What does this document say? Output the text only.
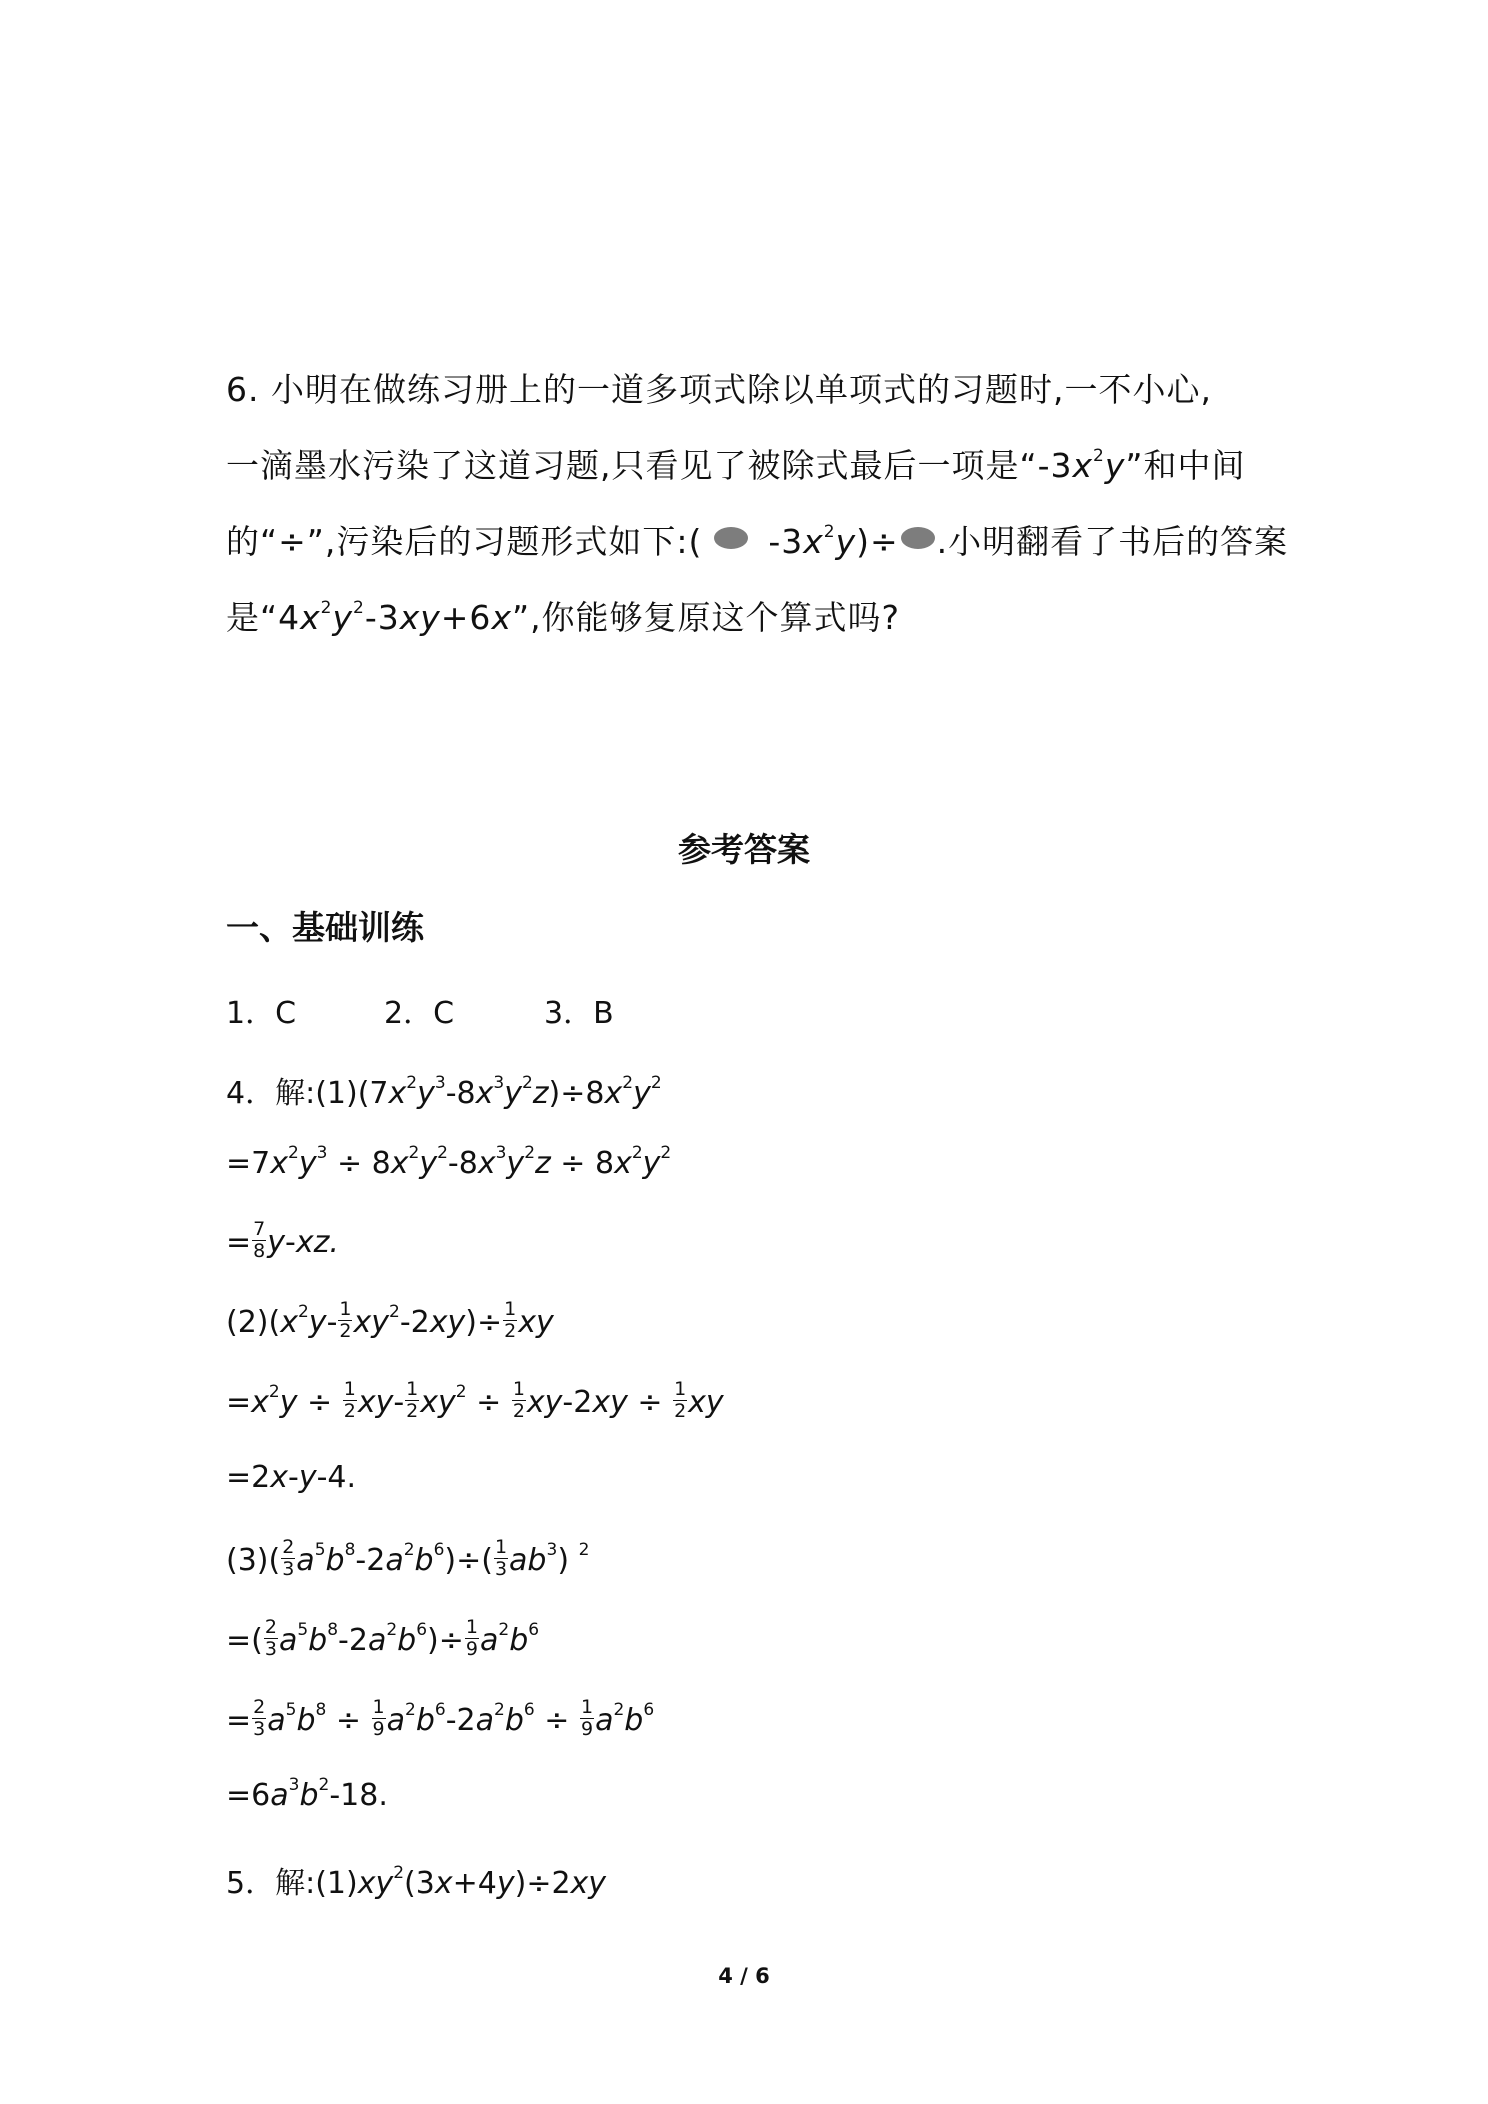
6. 小明在做练习册上的一道多项式除以单项式的习题时,一不小心,
一滴墨水污染了这道习题,只看见了被除式最后一项是“$-3x^2y$”和中间
的“÷”,污染后的习题形式如下:( $-3x^2y)\div$ .小明翻看了书后的答案
是“$4x^2y^2-3xy+6x$”,你能够复原这个算式吗?
参考答案
一、基础训练
1．C	2．C	3．B
4．解$:(1)(7x^2y^3-8x^3y^2z)\div 8x^2y^2$
$=7x^2y^3 \div 8x^2y^2-8x^3y^2z \div 8x^2y^2$
= $\frac{7}{8} y-xz$.
$(2)(x^2y- \frac{1}{2} xy^2-2xy)\div \frac{1}{2}$ xy
$=x^2y \div \frac{1}{2} xy- \frac{1}{2} xy^2 \div \frac{1}{2} xy-2xy \div \frac{1}{2}$ xy
=2x-y-4.
$(3)( \frac{2}{3} a^5b^8-2a^2b^6)\div( \frac{1}{3} ab^3)$ $^2$
=( $\frac{2}{3} a^5b^8-2a^2b^6)\div \frac{1}{9} a^2b^6$
= $\frac{2}{3} a^5b^8 \div \frac{1}{9} a^2b^6-2a^2b^6 \div \frac{1}{9} a^2b^6$
$=6a^3b^2-18$.
5．解$:(1)xy^2(3x+4y)\div 2xy$
4 / 6
